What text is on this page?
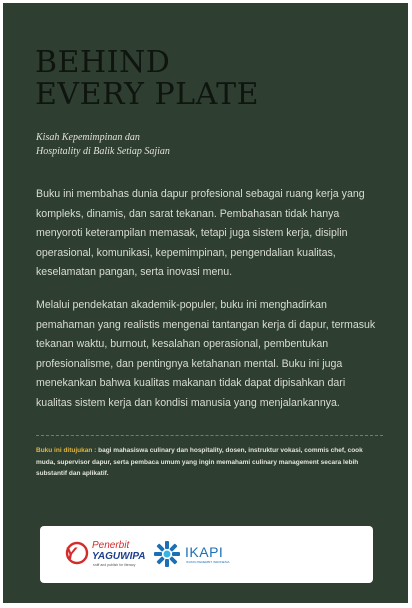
BEHIND
EVERY PLATE
Kisah Kepemimpinan dan
Hospitality di Balik Setiap Sajian

Buku ini membahas dunia dapur profesional sebagai ruang kerja yang kompleks, dinamis, dan sarat tekanan. Pembahasan tidak hanya menyoroti keterampilan memasak, tetapi juga sistem kerja, disiplin operasional, komunikasi, kepemimpinan, pengendalian kualitas, keselamatan pangan, serta inovasi menu.

Melalui pendekatan akademik-populer, buku ini menghadirkan pemahaman yang realistis mengenai tantangan kerja di dapur, termasuk tekanan waktu, burnout, kesalahan operasional, pembentukan profesionalisme, dan pentingnya ketahanan mental. Buku ini juga menekankan bahwa kualitas makanan tidak dapat dipisahkan dari kualitas sistem kerja dan kondisi manusia yang menjalankannya.

Buku ini ditujukan : bagi mahasiswa culinary dan hospitality, dosen, instruktur vokasi, commis chef, cook muda, supervisor dapur, serta pembaca umum yang ingin memahami culinary management secara lebih substantif dan aplikatif.

Y Penerbit
YAGUWIPA
sniff and publish for literacy
IKAPI
IKATAN PENERBIT INDONESIA
